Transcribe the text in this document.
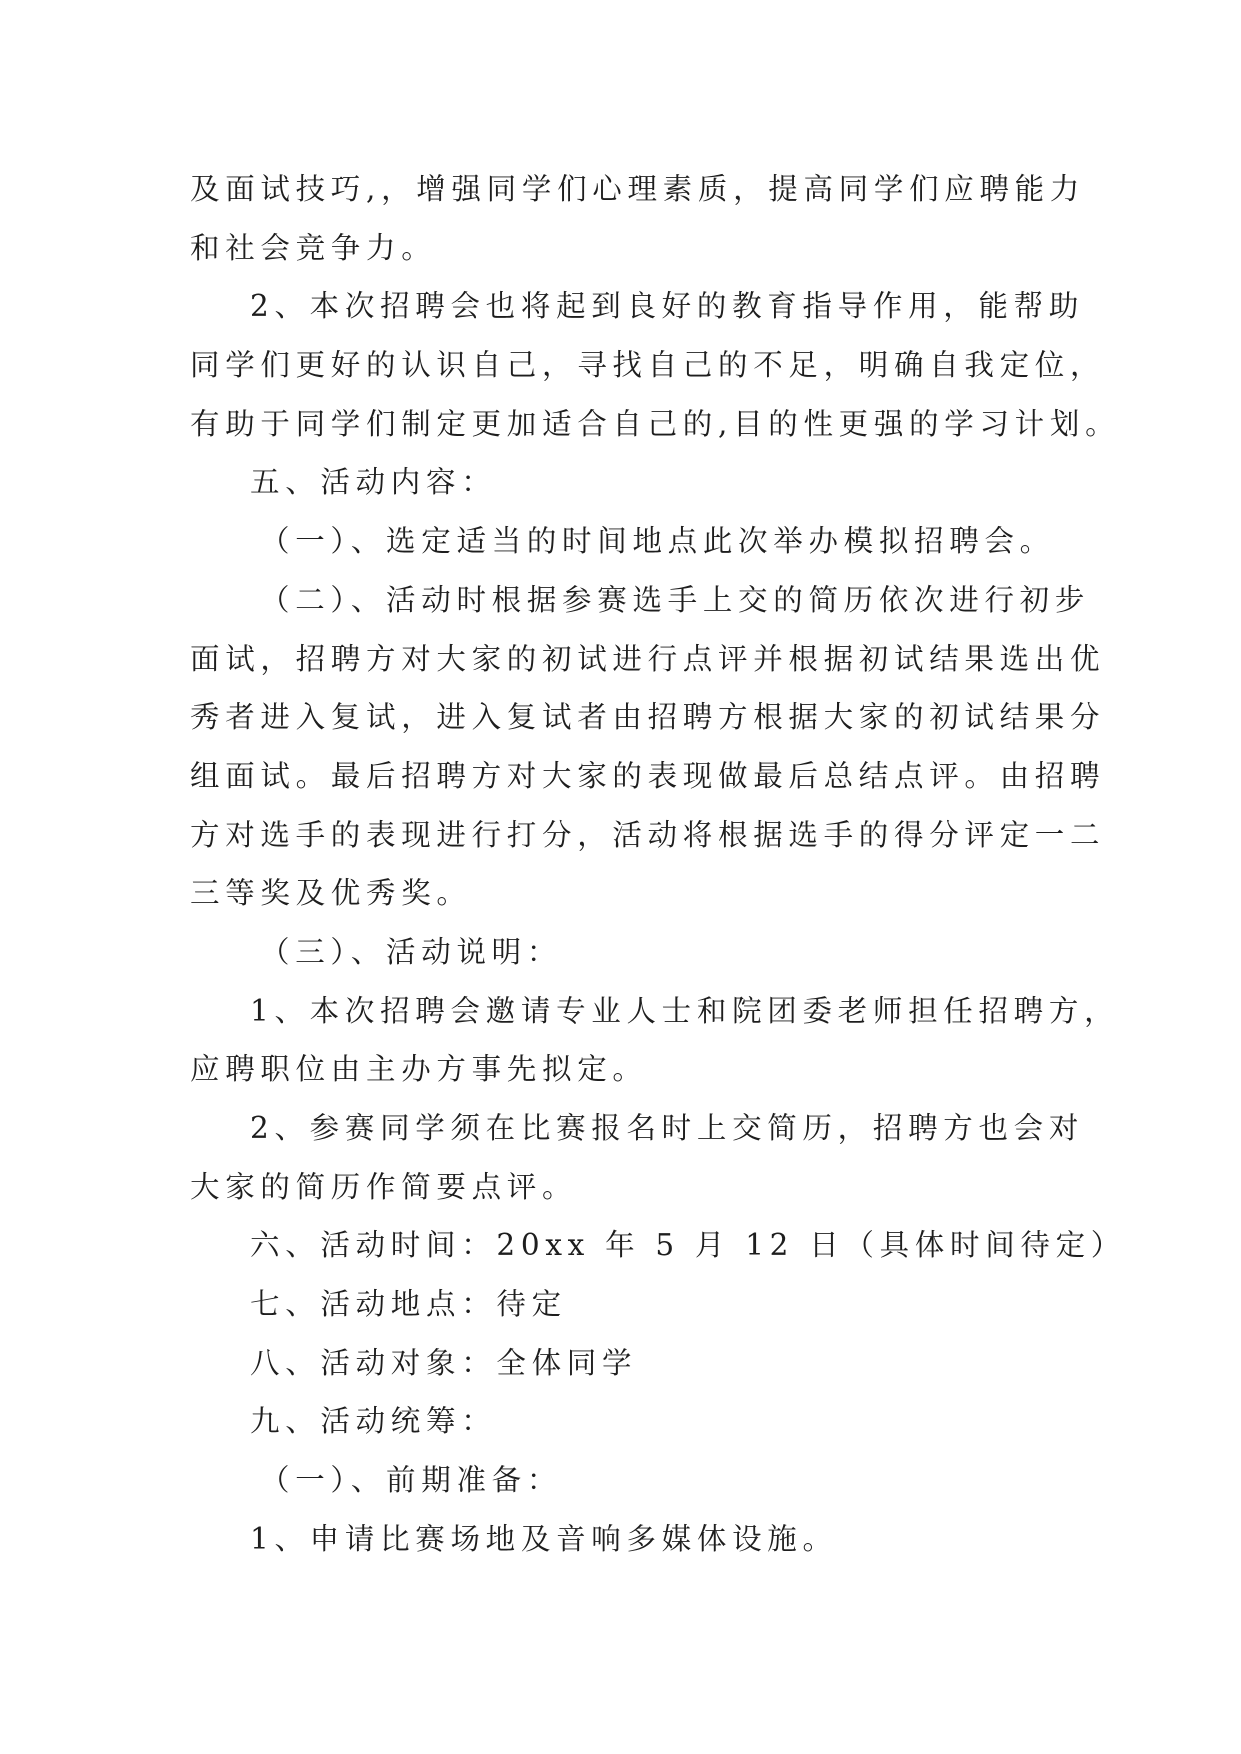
及面试技巧,，增强同学们心理素质，提高同学们应聘能力
和社会竞争力。
2、本次招聘会也将起到良好的教育指导作用，能帮助
同学们更好的认识自己，寻找自己的不足，明确自我定位，
有助于同学们制定更加适合自己的,目的性更强的学习计划。
五、活动内容：
（一）、选定适当的时间地点此次举办模拟招聘会。
（二）、活动时根据参赛选手上交的简历依次进行初步
面试，招聘方对大家的初试进行点评并根据初试结果选出优
秀者进入复试，进入复试者由招聘方根据大家的初试结果分
组面试。最后招聘方对大家的表现做最后总结点评。由招聘
方对选手的表现进行打分，活动将根据选手的得分评定一二
三等奖及优秀奖。
（三）、活动说明：
1、本次招聘会邀请专业人士和院团委老师担任招聘方，
应聘职位由主办方事先拟定。
2、参赛同学须在比赛报名时上交简历，招聘方也会对
大家的简历作简要点评。
六、活动时间：20xx 年 5 月 12 日（具体时间待定）
七、活动地点：待定
八、活动对象：全体同学
九、活动统筹：
（一）、前期准备：
1、申请比赛场地及音响多媒体设施。
